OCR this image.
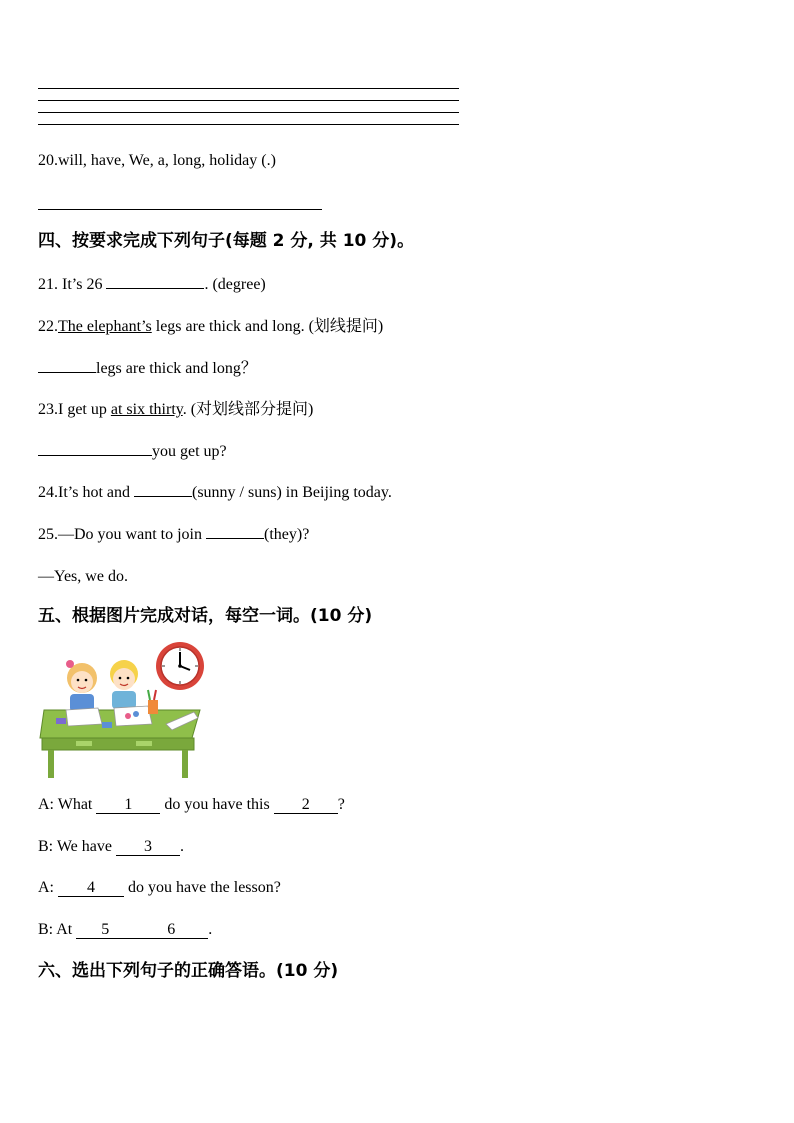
20.will, have, We, a, long, holiday (.)
四、按要求完成下列句子(每题 2 分, 共 10 分)。
21. It’s 26	. (degree)
22.The elephant’s legs are thick and long. (划线提问)
legs are thick and long？
23.I get up at six thirty. (对划线部分提问)
you get up?
24.It’s hot and	(sunny / suns) in Beijing today.
25.—Do you want to join	(they)?
—Yes, we do.
五、根据图片完成对话，每空一词。(10 分)
A: What 1 do you have this 2 ?
B: We have 3 .
A: 4 do you have the lesson?
B: At 5	6 .
六、选出下列句子的正确答语。(10 分)
